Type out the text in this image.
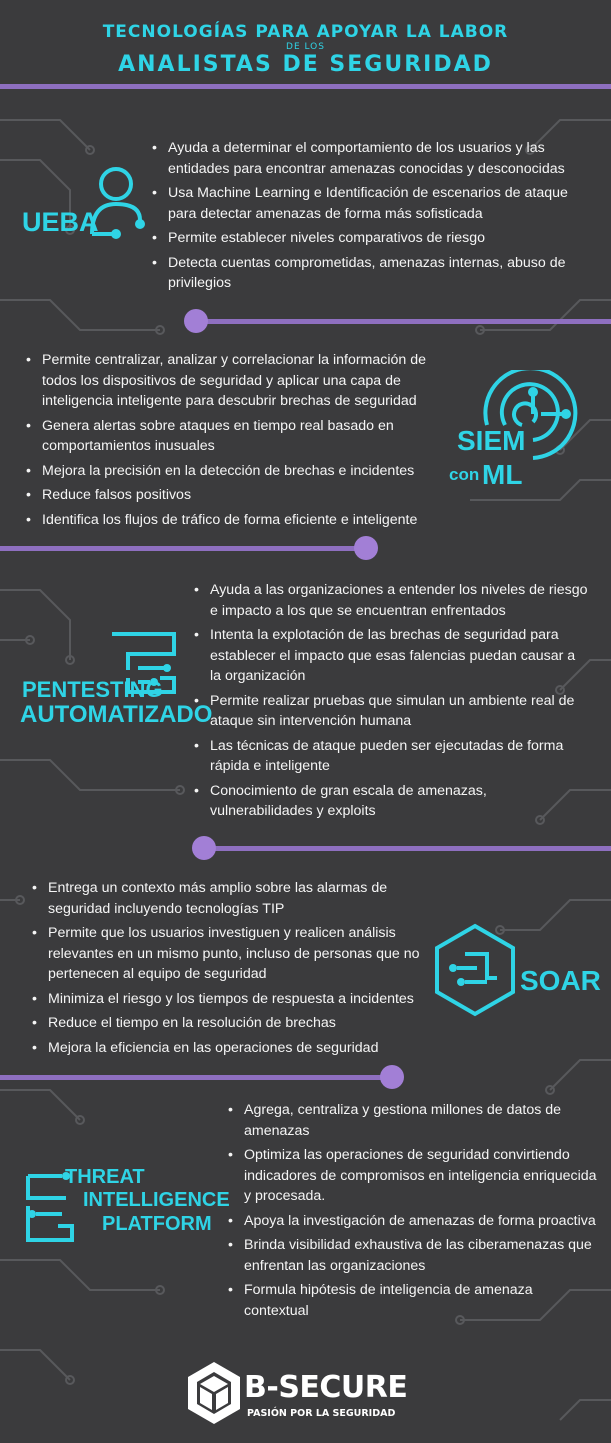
TECNOLOGÍAS PARA APOYAR LA LABOR
DE LOS
ANALISTAS DE SEGURIDAD
UEBA
• Ayuda a determinar el comportamiento de los usuarios y las entidades para encontrar amenazas conocidas y desconocidas
• Usa Machine Learning e Identificación de escenarios de ataque para detectar amenazas de forma más sofisticada
• Permite establecer niveles comparativos de riesgo
• Detecta cuentas comprometidas, amenazas internas, abuso de privilegios
• Permite centralizar, analizar y correlacionar la información de todos los dispositivos de seguridad y aplicar una capa de inteligencia inteligente para descubrir brechas de seguridad
• Genera alertas sobre ataques en tiempo real basado en comportamientos inusuales
• Mejora la precisión en la detección de brechas e incidentes
• Reduce falsos positivos
• Identifica los flujos de tráfico de forma eficiente e inteligente
SIEM
con ML
• Ayuda a las organizaciones a entender los niveles de riesgo e impacto a los que se encuentran enfrentados
• Intenta la explotación de las brechas de seguridad para establecer el impacto que esas falencias puedan causar a la organización
• Permite realizar pruebas que simulan un ambiente real de ataque sin intervención humana
• Las técnicas de ataque pueden ser ejecutadas de forma rápida e inteligente
• Conocimiento de gran escala de amenazas, vulnerabilidades y exploits
PENTESTING
AUTOMATIZADO
• Entrega un contexto más amplio sobre las alarmas de seguridad incluyendo tecnologías TIP
• Permite que los usuarios investiguen y realicen análisis relevantes en un mismo punto, incluso de personas que no pertenecen al equipo de seguridad
• Minimiza el riesgo y los tiempos de respuesta a incidentes
• Reduce el tiempo en la resolución de brechas
• Mejora la eficiencia en las operaciones de seguridad
SOAR
• Agrega, centraliza y gestiona millones de datos de amenazas
• Optimiza las operaciones de seguridad convirtiendo indicadores de compromisos en inteligencia enriquecida y procesada.
• Apoya la investigación de amenazas de forma proactiva
• Brinda visibilidad exhaustiva de las ciberamenazas que enfrentan las organizaciones
• Formula hipótesis de inteligencia de amenaza contextual
THREAT
INTELLIGENCE
PLATFORM
B-SECURE
PASIÓN POR LA SEGURIDAD
